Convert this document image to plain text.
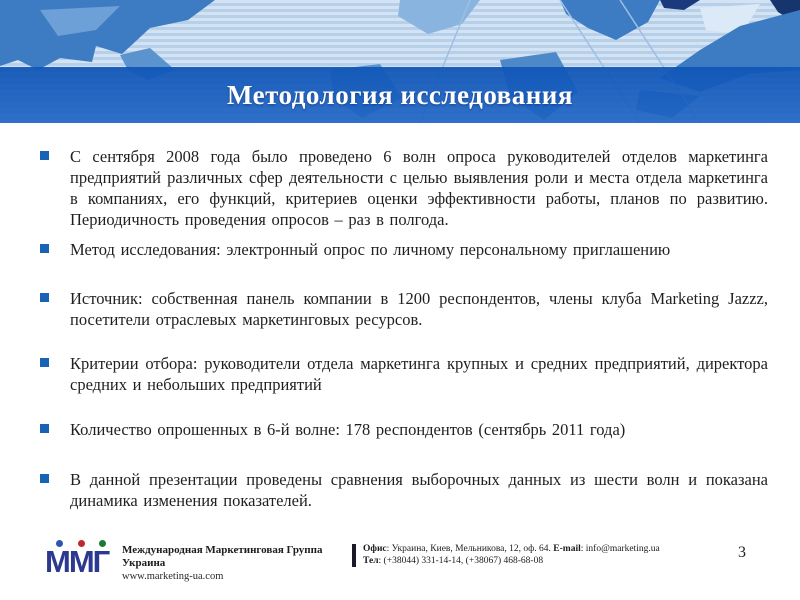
Методология исследования

С сентября 2008 года было проведено 6 волн опроса руководителей отделов маркетинга предприятий различных сфер деятельности с целью выявления роли и места отдела маркетинга в компаниях, его функций, критериев оценки эффективности работы, планов по развитию. Периодичность проведения опросов – раз в полгода.

Метод исследования: электронный опрос по личному персональному приглашению

Источник: собственная панель компании в 1200 респондентов, члены клуба Marketing Jazzz, посетители отраслевых маркетинговых ресурсов.

Критерии отбора: руководители отдела маркетинга крупных и средних предприятий, директора средних и небольших предприятий

Количество опрошенных в 6-й волне: 178 респондентов (сентябрь 2011 года)

В данной презентации проведены сравнения выборочных данных из шести волн и показана динамика изменения показателей.

ММГ Международная Маркетинговая Группа Украина
www.marketing-ua.com
Офис: Украина, Киев, Мельникова, 12, оф. 64. E-mail: info@marketing.ua
Тел: (+38044) 331-14-14, (+38067) 468-68-08	3
